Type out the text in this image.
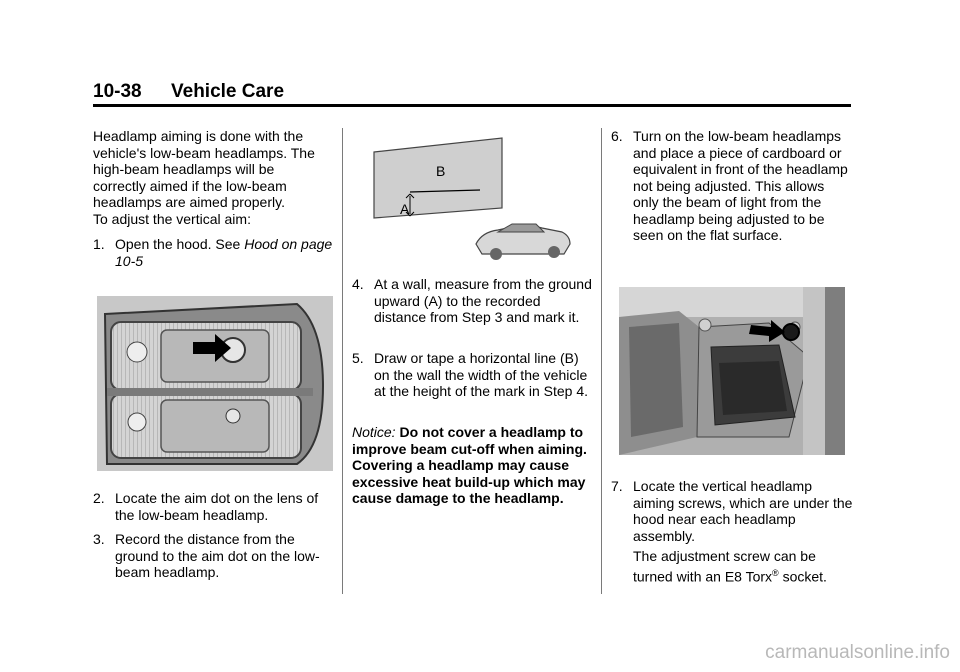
10-38 Vehicle Care
Headlamp aiming is done with the vehicle's low-beam headlamps. The high-beam headlamps will be correctly aimed if the low-beam headlamps are aimed properly.
To adjust the vertical aim:
1. Open the hood. See Hood on page 10-5
2. Locate the aim dot on the lens of the low-beam headlamp.
3. Record the distance from the ground to the aim dot on the low-beam headlamp.
B
A
4. At a wall, measure from the ground upward (A) to the recorded distance from Step 3 and mark it.
5. Draw or tape a horizontal line (B) on the wall the width of the vehicle at the height of the mark in Step 4.
Notice: Do not cover a headlamp to improve beam cut-off when aiming. Covering a headlamp may cause excessive heat build-up which may cause damage to the headlamp.
6. Turn on the low-beam headlamps and place a piece of cardboard or equivalent in front of the headlamp not being adjusted. This allows only the beam of light from the headlamp being adjusted to be seen on the flat surface.
7. Locate the vertical headlamp aiming screws, which are under the hood near each headlamp assembly.
The adjustment screw can be turned with an E8 Torx® socket.
carmanualsonline.info
